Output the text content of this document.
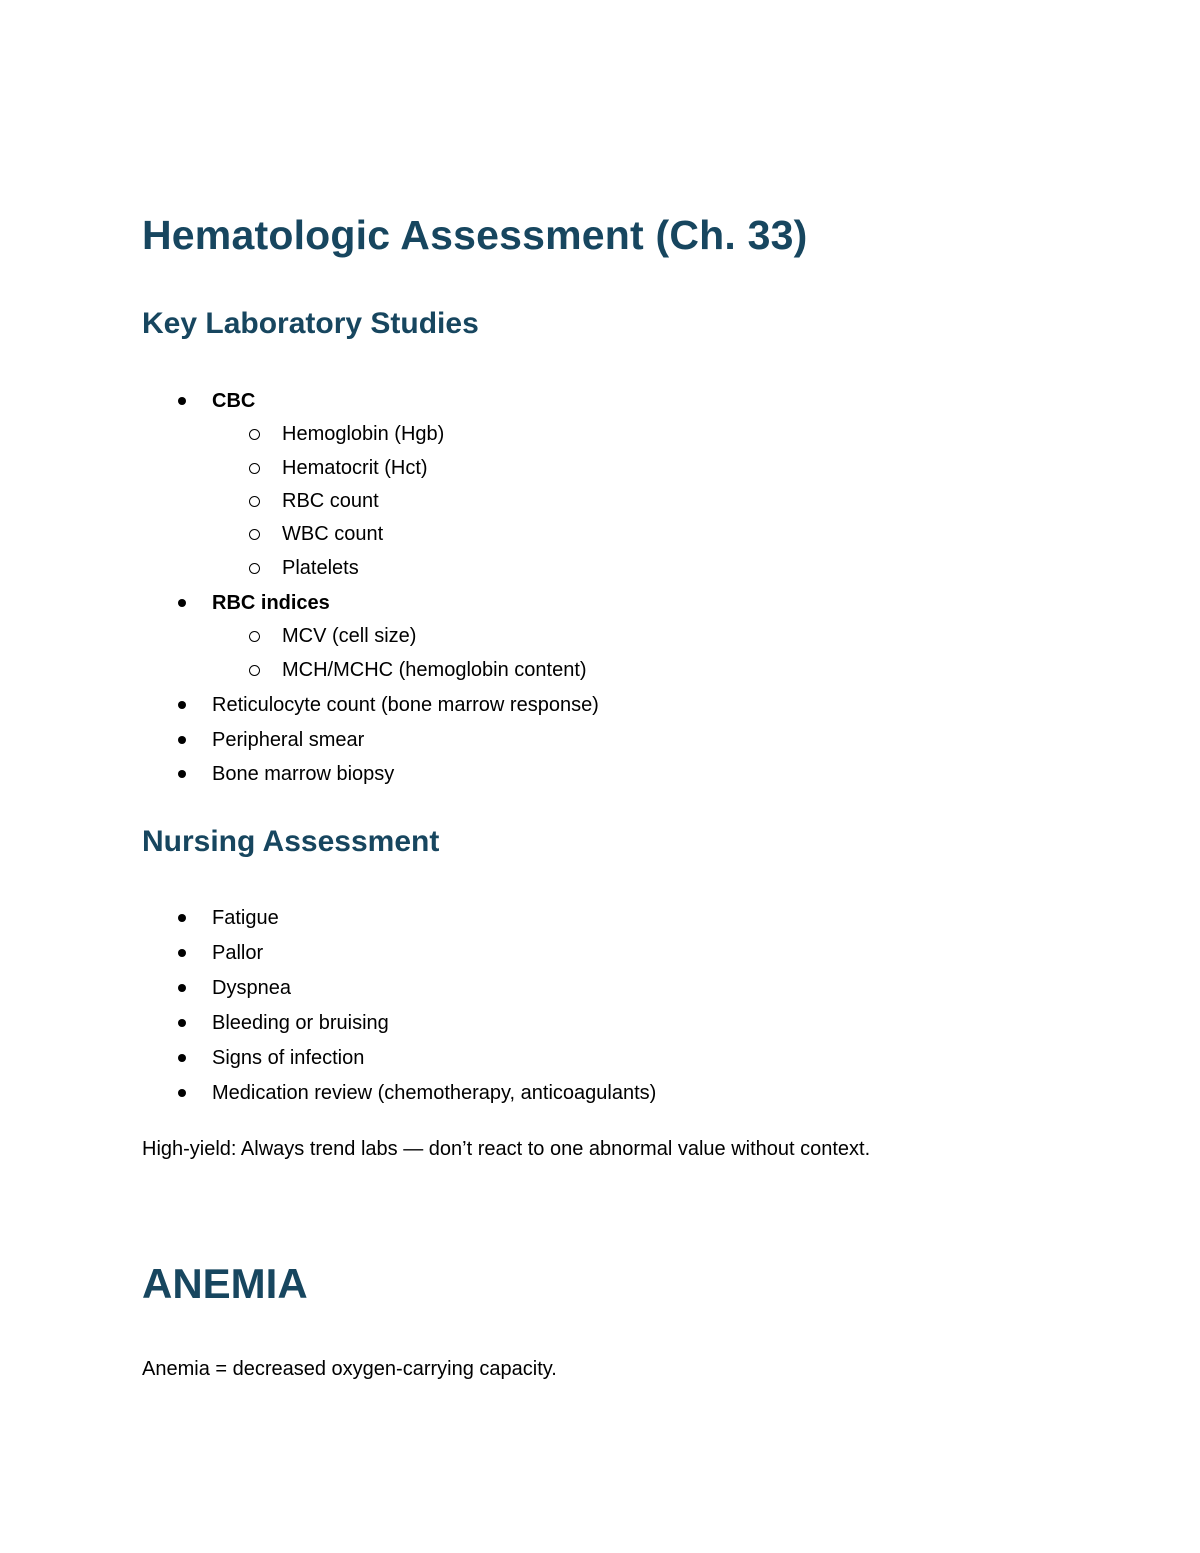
Hematologic Assessment (Ch. 33)
Key Laboratory Studies
CBC
Hemoglobin (Hgb)
Hematocrit (Hct)
RBC count
WBC count
Platelets
RBC indices
MCV (cell size)
MCH/MCHC (hemoglobin content)
Reticulocyte count (bone marrow response)
Peripheral smear
Bone marrow biopsy
Nursing Assessment
Fatigue
Pallor
Dyspnea
Bleeding or bruising
Signs of infection
Medication review (chemotherapy, anticoagulants)

High-yield: Always trend labs — don’t react to one abnormal value without context.

ANEMIA

Anemia = decreased oxygen-carrying capacity.
